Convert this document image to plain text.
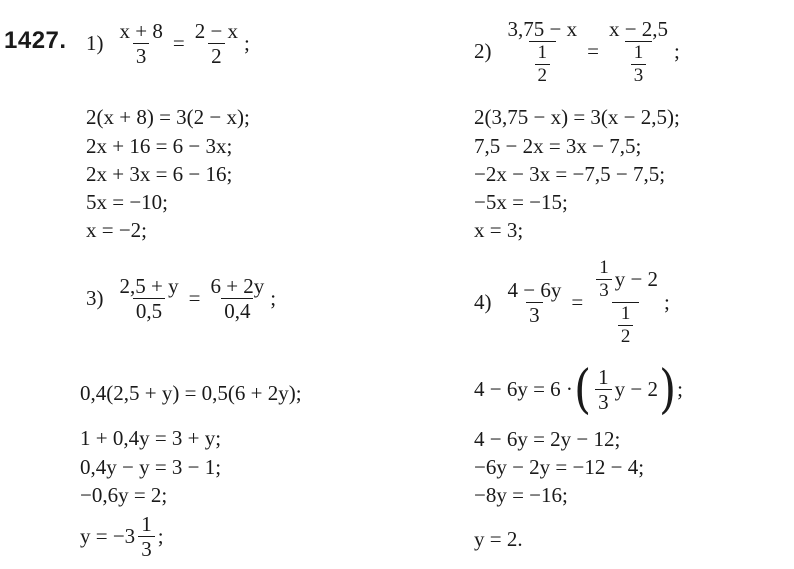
1427. $1) \frac{x + 8}{3} = \frac{2 - x}{2}$ ;
2(x + 8) = 3(2 − x);
2x + 16 = 6 − 3x;
2x + 3x = 6 − 16;
5x = −10;
x = −2;
$2) \frac{3,75 - x}{\frac{1}{2}} = \frac{x - 2,5}{\frac{1}{3}}$ ;
2(3,75 − x) = 3(x − 2,5);
7,5 − 2x = 3x − 7,5;
−2x − 3x = −7,5 − 7,5;
−5x = −15;
x = 3;
$3) \frac{2,5 + y}{0,5} = \frac{6 + 2y}{0,4}$ ;
0,4(2,5 + y) = 0,5(6 + 2y);
1 + 0,4y = 3 + y;
0,4y − y = 3 − 1;
−0,6y = 2;
$y = -3 \frac{1}{3}$ ;
$4) \frac{4 - 6y}{3} = \frac{\frac{1}{3} y - 2}{\frac{1}{2}}$ ;
4 − 6y = 6 · ( $\frac{1}{3}$ y − 2 ) ;
4 − 6y = 2y − 12;
−6y − 2y = −12 − 4;
−8y = −16;
y = 2.
